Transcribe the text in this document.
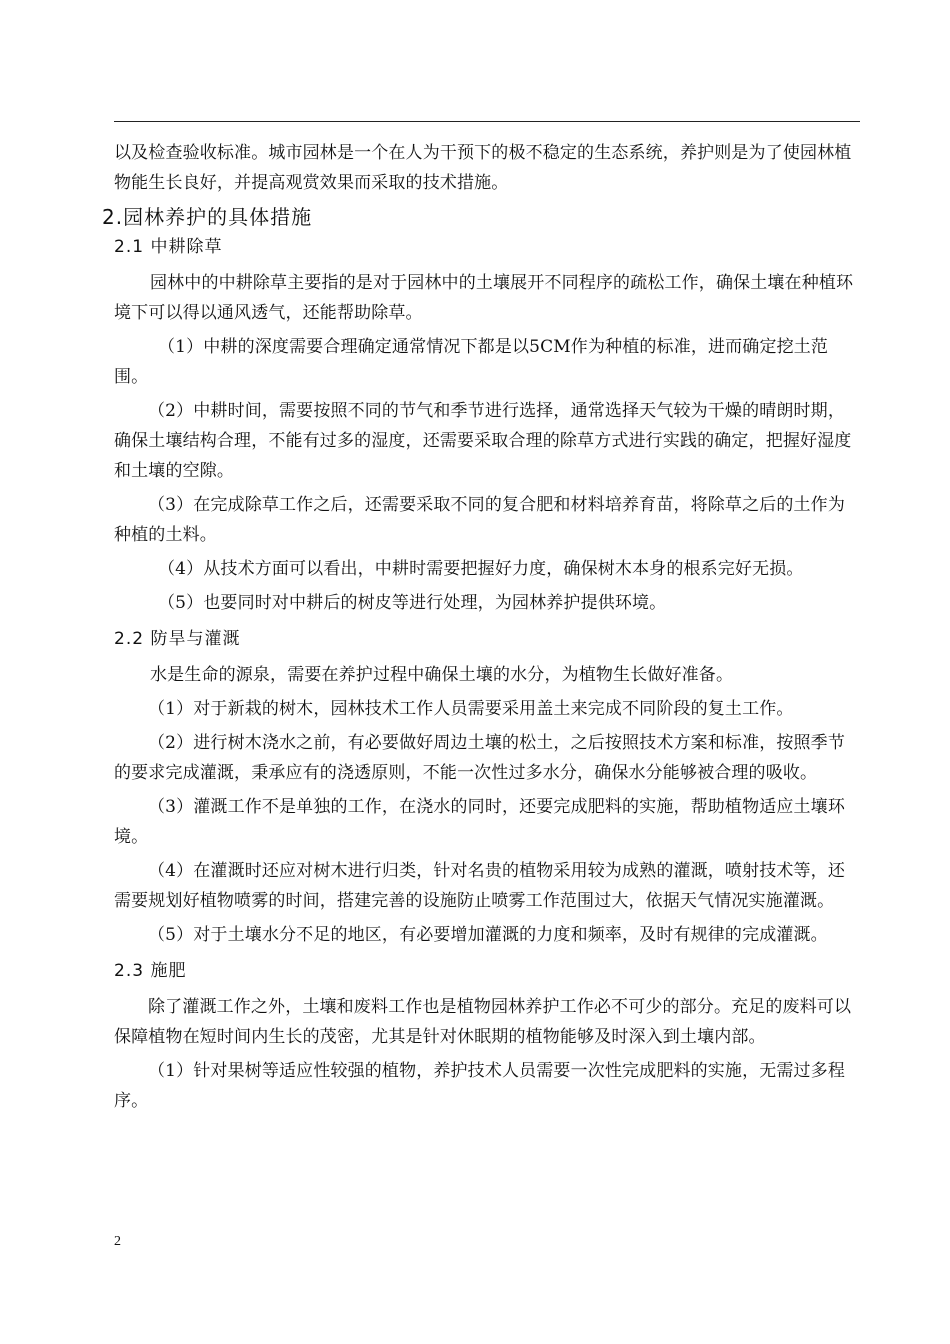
以及检查验收标准。城市园林是一个在人为干预下的极不稳定的生态系统，养护则是为了使园林植物能生长良好，并提高观赏效果而采取的技术措施。

2.园林养护的具体措施

2.1 中耕除草

园林中的中耕除草主要指的是对于园林中的土壤展开不同程序的疏松工作，确保土壤在种植环境下可以得以通风透气，还能帮助除草。

（1）中耕的深度需要合理确定通常情况下都是以5CM作为种植的标准，进而确定挖土范围。

（2）中耕时间，需要按照不同的节气和季节进行选择，通常选择天气较为干燥的晴朗时期，确保土壤结构合理，不能有过多的湿度，还需要采取合理的除草方式进行实践的确定，把握好湿度和土壤的空隙。

（3）在完成除草工作之后，还需要采取不同的复合肥和材料培养育苗，将除草之后的土作为种植的土料。

（4）从技术方面可以看出，中耕时需要把握好力度，确保树木本身的根系完好无损。

（5）也要同时对中耕后的树皮等进行处理，为园林养护提供环境。

2.2 防旱与灌溉

水是生命的源泉，需要在养护过程中确保土壤的水分，为植物生长做好准备。

（1）对于新栽的树木，园林技术工作人员需要采用盖土来完成不同阶段的复土工作。

（2）进行树木浇水之前，有必要做好周边土壤的松土，之后按照技术方案和标准，按照季节的要求完成灌溉，秉承应有的浇透原则，不能一次性过多水分，确保水分能够被合理的吸收。

（3）灌溉工作不是单独的工作，在浇水的同时，还要完成肥料的实施，帮助植物适应土壤环境。

（4）在灌溉时还应对树木进行归类，针对名贵的植物采用较为成熟的灌溉，喷射技术等，还需要规划好植物喷雾的时间，搭建完善的设施防止喷雾工作范围过大，依据天气情况实施灌溉。

（5）对于土壤水分不足的地区，有必要增加灌溉的力度和频率，及时有规律的完成灌溉。

2.3 施肥

除了灌溉工作之外，土壤和废料工作也是植物园林养护工作必不可少的部分。充足的废料可以保障植物在短时间内生长的茂密，尤其是针对休眠期的植物能够及时深入到土壤内部。

（1）针对果树等适应性较强的植物，养护技术人员需要一次性完成肥料的实施，无需过多程序。

2
